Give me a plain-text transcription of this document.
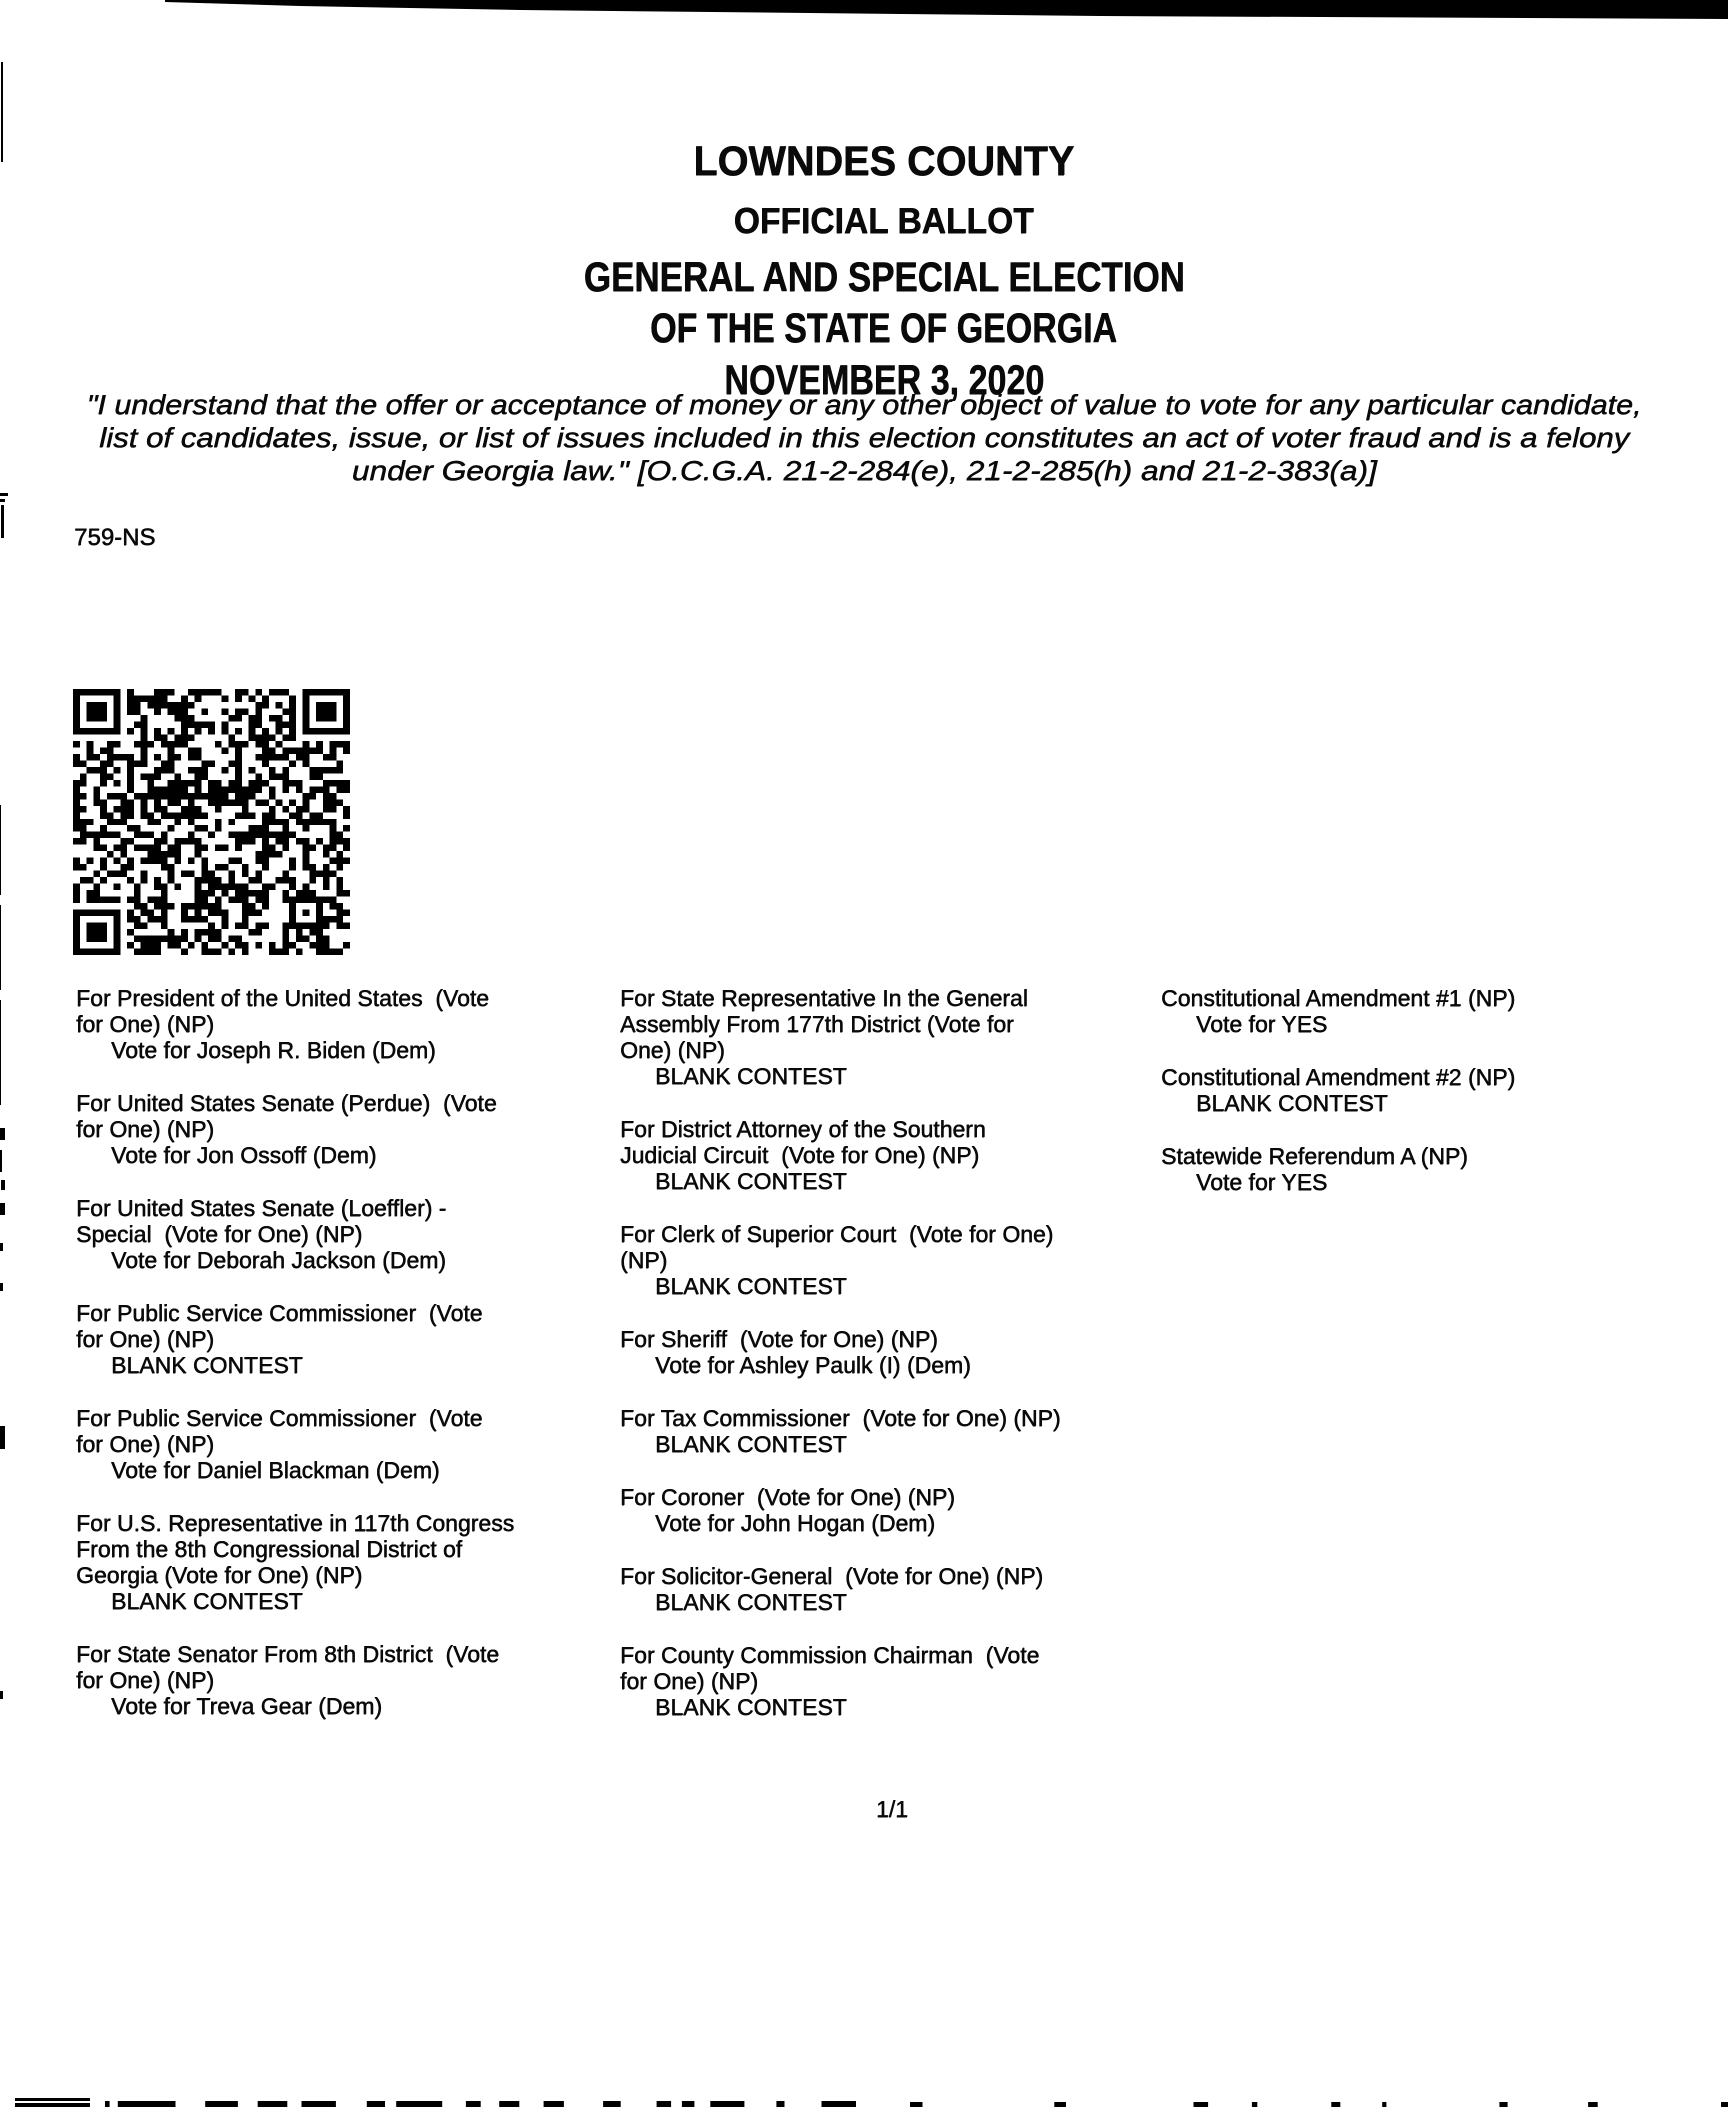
LOWNDES COUNTY
OFFICIAL BALLOT
GENERAL AND SPECIAL ELECTION
OF THE STATE OF GEORGIA
NOVEMBER 3, 2020
"I understand that the offer or acceptance of money or any other object of value to vote for any particular candidate,
list of candidates, issue, or list of issues included in this election constitutes an act of voter fraud and is a felony
under Georgia law." [O.C.G.A. 21-2-284(e), 21-2-285(h) and 21-2-383(a)]
759-NS
For President of the United States  (Vote
for One) (NP)
Vote for Joseph R. Biden (Dem)
For United States Senate (Perdue)  (Vote
for One) (NP)
Vote for Jon Ossoff (Dem)
For United States Senate (Loeffler) -
Special  (Vote for One) (NP)
Vote for Deborah Jackson (Dem)
For Public Service Commissioner  (Vote
for One) (NP)
BLANK CONTEST
For Public Service Commissioner  (Vote
for One) (NP)
Vote for Daniel Blackman (Dem)
For U.S. Representative in 117th Congress
From the 8th Congressional District of
Georgia (Vote for One) (NP)
BLANK CONTEST
For State Senator From 8th District  (Vote
for One) (NP)
Vote for Treva Gear (Dem)
For State Representative In the General
Assembly From 177th District (Vote for
One) (NP)
BLANK CONTEST
For District Attorney of the Southern
Judicial Circuit  (Vote for One) (NP)
BLANK CONTEST
For Clerk of Superior Court  (Vote for One)
(NP)
BLANK CONTEST
For Sheriff  (Vote for One) (NP)
Vote for Ashley Paulk (I) (Dem)
For Tax Commissioner  (Vote for One) (NP)
BLANK CONTEST
For Coroner  (Vote for One) (NP)
Vote for John Hogan (Dem)
For Solicitor-General  (Vote for One) (NP)
BLANK CONTEST
For County Commission Chairman  (Vote
for One) (NP)
BLANK CONTEST
Constitutional Amendment #1 (NP)
Vote for YES
Constitutional Amendment #2 (NP)
BLANK CONTEST
Statewide Referendum A (NP)
Vote for YES
1/1
